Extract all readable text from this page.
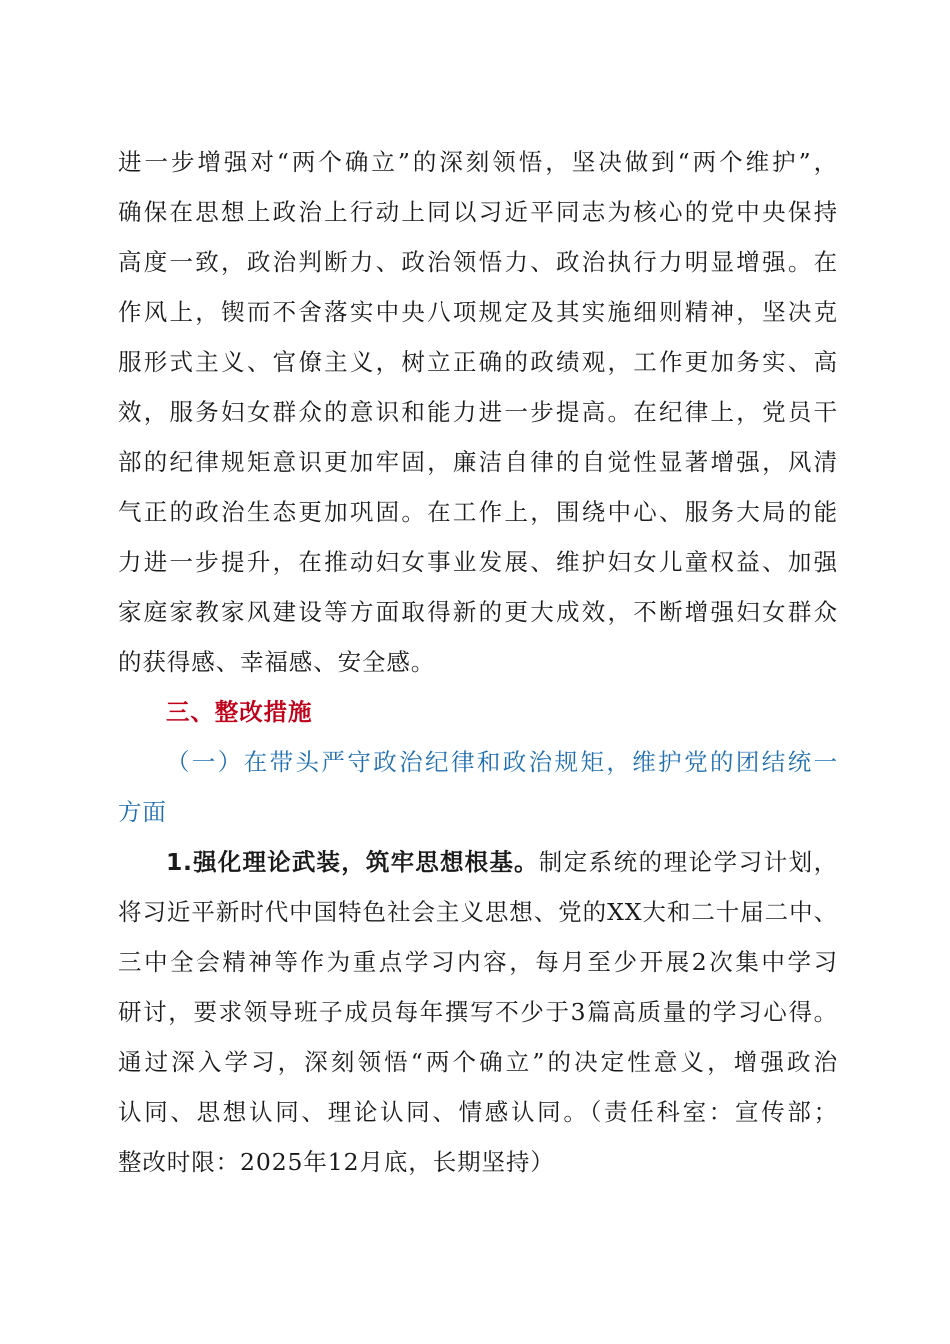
进一步增强对“两个确立”的深刻领悟，坚决做到“两个维护”，
确保在思想上政治上行动上同以习近平同志为核心的党中央保持
高度一致，政治判断力、政治领悟力、政治执行力明显增强。在
作风上，锲而不舍落实中央八项规定及其实施细则精神，坚决克
服形式主义、官僚主义，树立正确的政绩观，工作更加务实、高
效，服务妇女群众的意识和能力进一步提高。在纪律上，党员干
部的纪律规矩意识更加牢固，廉洁自律的自觉性显著增强，风清
气正的政治生态更加巩固。在工作上，围绕中心、服务大局的能
力进一步提升，在推动妇女事业发展、维护妇女儿童权益、加强
家庭家教家风建设等方面取得新的更大成效，不断增强妇女群众
的获得感、幸福感、安全感。
三、整改措施
（一）在带头严守政治纪律和政治规矩，维护党的团结统一
方面
1.强化理论武装，筑牢思想根基。制定系统的理论学习计划，
将习近平新时代中国特色社会主义思想、党的XX大和二十届二中、
三中全会精神等作为重点学习内容，每月至少开展2次集中学习
研讨，要求领导班子成员每年撰写不少于3篇高质量的学习心得。
通过深入学习，深刻领悟“两个确立”的决定性意义，增强政治
认同、思想认同、理论认同、情感认同。（责任科室：宣传部；
整改时限：2025年12月底，长期坚持）
